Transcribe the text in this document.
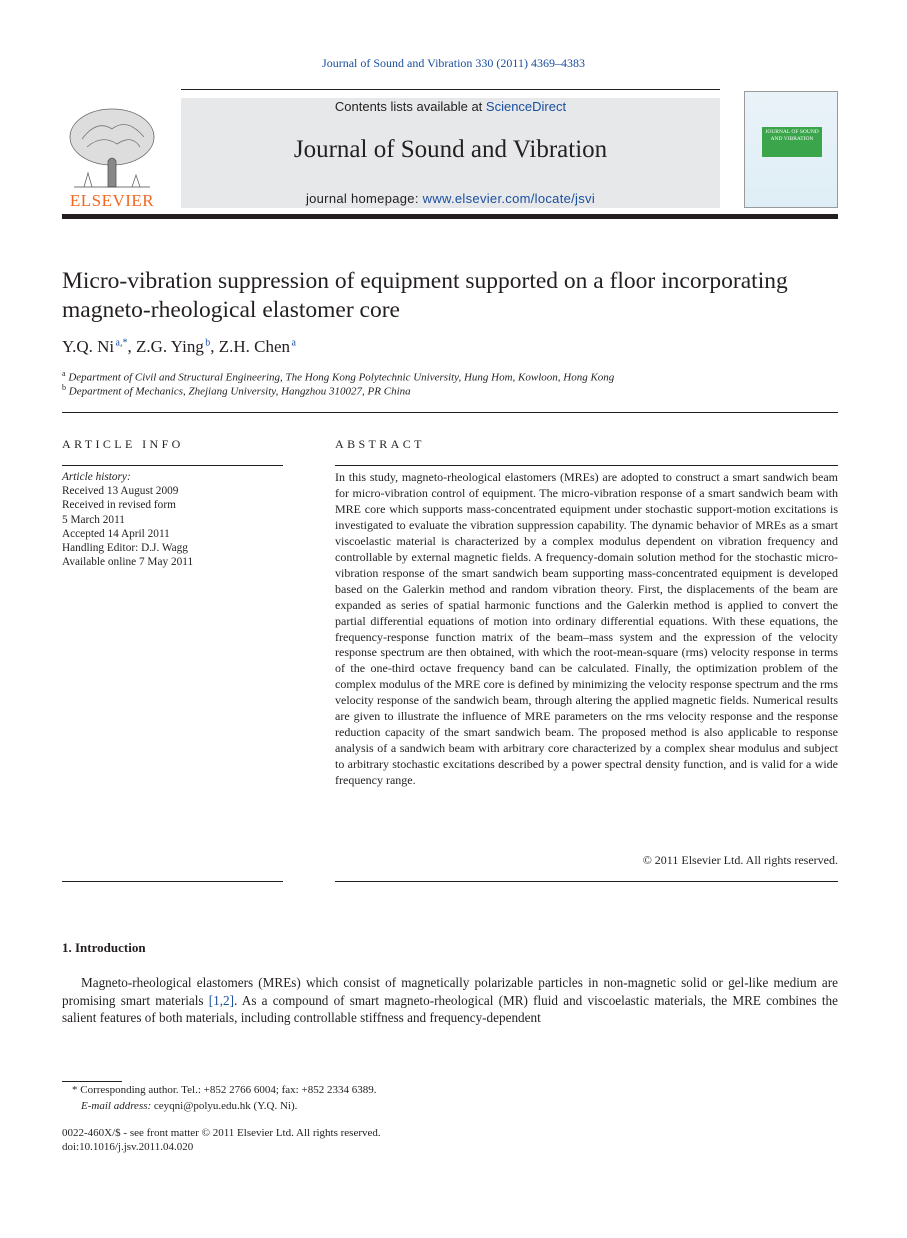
Journal of Sound and Vibration 330 (2011) 4369–4383
ELSEVIER
Contents lists available at ScienceDirect
Journal of Sound and Vibration
journal homepage: www.elsevier.com/locate/jsvi
JOURNAL OF SOUND AND VIBRATION
Micro-vibration suppression of equipment supported on a floor incorporating magneto-rheological elastomer core
Y.Q. Ni $^{a,*}$, Z.G. Ying $^b$, Z.H. Chen $^a$
$^a$ Department of Civil and Structural Engineering, The Hong Kong Polytechnic University, Hung Hom, Kowloon, Hong Kong
$^b$ Department of Mechanics, Zhejiang University, Hangzhou 310027, PR China
ARTICLE INFO	ABSTRACT
Article history:
Received 13 August 2009
Received in revised form
5 March 2011
Accepted 14 April 2011
Handling Editor: D.J. Wagg
Available online 7 May 2011
In this study, magneto-rheological elastomers (MREs) are adopted to construct a smart sandwich beam for micro-vibration control of equipment. The micro-vibration response of a smart sandwich beam with MRE core which supports mass-concentrated equipment under stochastic support-motion excitations is investigated to evaluate the vibration suppression capability. The dynamic behavior of MREs as a smart viscoelastic material is characterized by a complex modulus dependent on vibration frequency and controllable by external magnetic fields. A frequency-domain solution method for the stochastic micro-vibration response of the smart sandwich beam supporting mass-concentrated equipment is developed based on the Galerkin method and random vibration theory. First, the displacements of the beam are expanded as series of spatial harmonic functions and the Galerkin method is applied to convert the partial differential equations of motion into ordinary differential equations. With these equations, the frequency-response function matrix of the beam–mass system and the expression of the velocity response spectrum are then obtained, with which the root-mean-square (rms) velocity response in terms of the one-third octave frequency band can be calculated. Finally, the optimization problem of the complex modulus of the MRE core is defined by minimizing the velocity response spectrum and the rms velocity response of the sandwich beam, through altering the applied magnetic fields. Numerical results are given to illustrate the influence of MRE parameters on the rms velocity response and the response reduction capacity of the smart sandwich beam. The proposed method is also applicable to response analysis of a sandwich beam with arbitrary core characterized by a complex shear modulus and subject to arbitrary stochastic excitations described by a power spectral density function, and is valid for a wide frequency range.
© 2011 Elsevier Ltd. All rights reserved.
1. Introduction
Magneto-rheological elastomers (MREs) which consist of magnetically polarizable particles in non-magnetic solid or gel-like medium are promising smart materials [1,2]. As a compound of smart magneto-rheological (MR) fluid and viscoelastic materials, the MRE combines the salient features of both materials, including controllable stiffness and frequency-dependent
* Corresponding author. Tel.: +852 2766 6004; fax: +852 2334 6389.
E-mail address: ceyqni@polyu.edu.hk (Y.Q. Ni).
0022-460X/$ - see front matter © 2011 Elsevier Ltd. All rights reserved.
doi:10.1016/j.jsv.2011.04.020
